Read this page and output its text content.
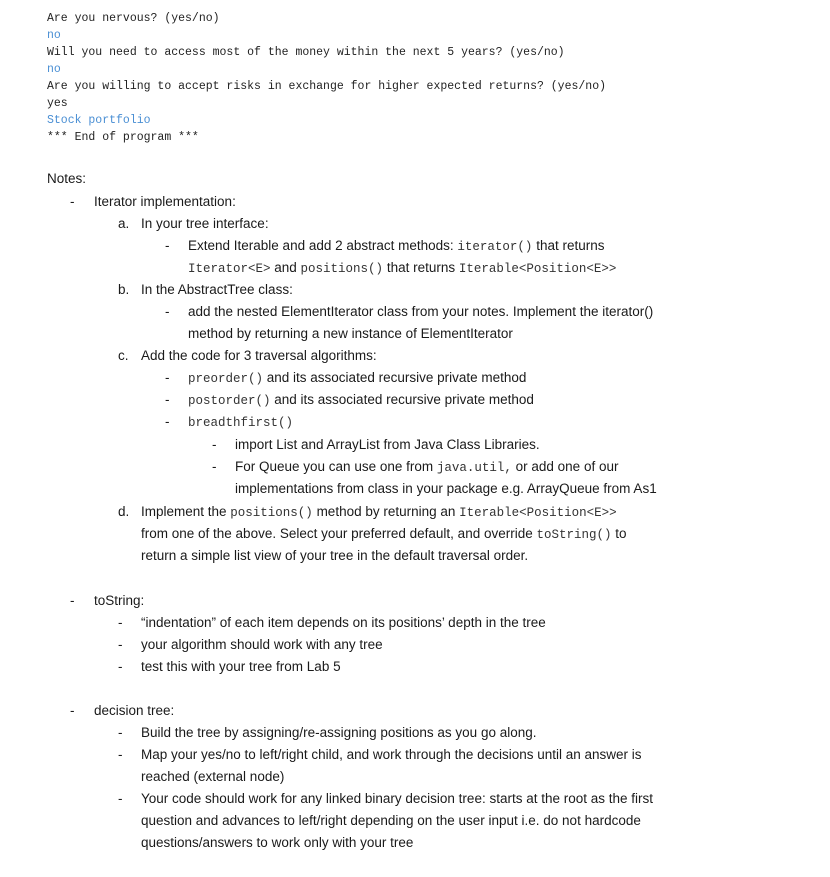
Are you nervous? (yes/no)
no
Will you need to access most of the money within the next 5 years? (yes/no)
no
Are you willing to accept risks in exchange for higher expected returns? (yes/no)
yes
Stock portfolio
*** End of program ***
Notes:
- Iterator implementation:
a. In your tree interface:
- Extend Iterable and add 2 abstract methods: iterator() that returns
Iterator<E> and positions() that returns Iterable<Position<E>>
b. In the AbstractTree class:
- add the nested ElementIterator class from your notes. Implement the iterator()
method by returning a new instance of ElementIterator
c. Add the code for 3 traversal algorithms:
- preorder() and its associated recursive private method
- postorder() and its associated recursive private method
- breadthfirst()
- import List and ArrayList from Java Class Libraries.
- For Queue you can use one from java.util, or add one of our
implementations from class in your package e.g. ArrayQueue from As1
d. Implement the positions() method by returning an Iterable<Position<E>>
from one of the above. Select your preferred default, and override toString() to
return a simple list view of your tree in the default traversal order.
- toString:
- “indentation” of each item depends on its positions’ depth in the tree
- your algorithm should work with any tree
- test this with your tree from Lab 5
- decision tree:
- Build the tree by assigning/re-assigning positions as you go along.
- Map your yes/no to left/right child, and work through the decisions until an answer is
reached (external node)
- Your code should work for any linked binary decision tree: starts at the root as the first
question and advances to left/right depending on the user input i.e. do not hardcode
questions/answers to work only with your tree
